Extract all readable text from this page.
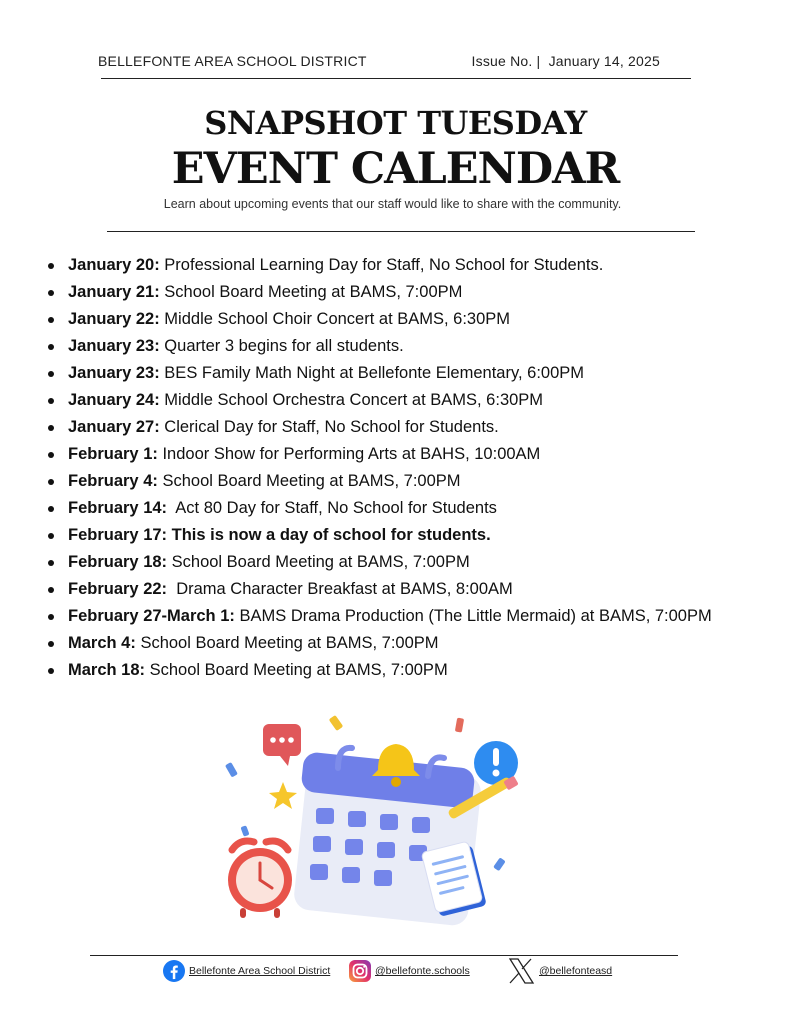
BELLEFONTE AREA SCHOOL DISTRICT	Issue No. | January 14, 2025
SNAPSHOT TUESDAY
EVENT CALENDAR
Learn about upcoming events that our staff would like to share with the community.
January 20: Professional Learning Day for Staff, No School for Students.
January 21: School Board Meeting at BAMS, 7:00PM
January 22: Middle School Choir Concert at BAMS, 6:30PM
January 23: Quarter 3 begins for all students.
January 23: BES Family Math Night at Bellefonte Elementary, 6:00PM
January 24: Middle School Orchestra Concert at BAMS, 6:30PM
January 27: Clerical Day for Staff, No School for Students.
February 1: Indoor Show for Performing Arts at BAHS, 10:00AM
February 4: School Board Meeting at BAMS, 7:00PM
February 14:  Act 80 Day for Staff, No School for Students
February 17: This is now a day of school for students.
February 18: School Board Meeting at BAMS, 7:00PM
February 22:  Drama Character Breakfast at BAMS, 8:00AM
February 27-March 1: BAMS Drama Production (The Little Mermaid) at BAMS, 7:00PM
March 4: School Board Meeting at BAMS, 7:00PM
March 18: School Board Meeting at BAMS, 7:00PM
Bellefonte Area School District	@bellefonte.schools	@bellefonteasd
